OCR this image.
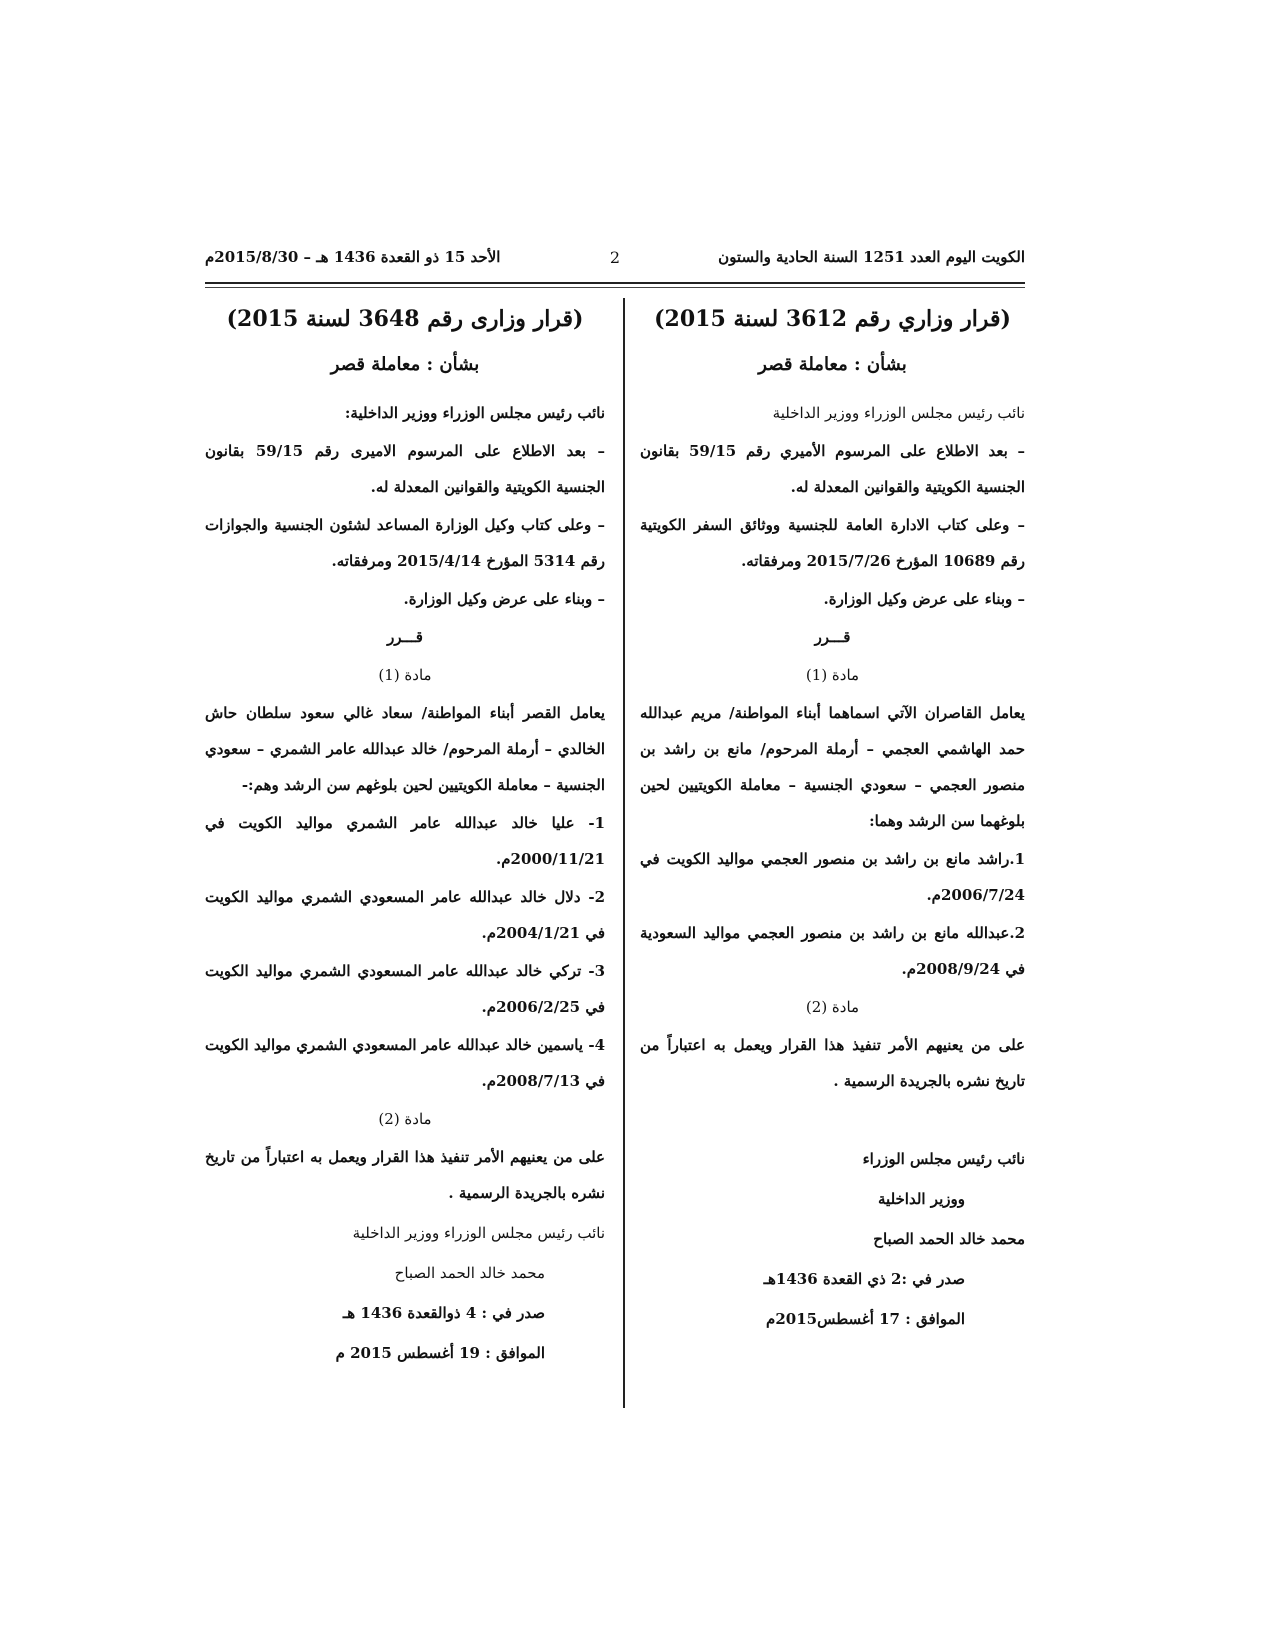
الكويت اليوم العدد 1251 السنة الحادية والستون
2
الأحد 15 ذو القعدة 1436 هـ – 2015/8/30م
(قرار وزاري رقم 3612 لسنة 2015)
بشأن : معاملة قصر

نائب رئيس مجلس الوزراء ووزير الداخلية

– بعد الاطلاع على المرسوم الأميري رقم 59/15 بقانون الجنسية الكويتية والقوانين المعدلة له.

– وعلى كتاب الادارة العامة للجنسية ووثائق السفر الكويتية رقم 10689 المؤرخ 2015/7/26 ومرفقاته.

– وبناء على عرض وكيل الوزارة.

قـــرر

مادة (1)

يعامل القاصران الآتي اسماهما أبناء المواطنة/ مريم عبدالله حمد الهاشمي العجمي – أرملة المرحوم/ مانع بن راشد بن منصور العجمي – سعودي الجنسية – معاملة الكويتيين لحين بلوغهما سن الرشد وهما:

1.راشد مانع بن راشد بن منصور العجمي مواليد الكويت في 2006/7/24م.

2.عبدالله مانع بن راشد بن منصور العجمي مواليد السعودية في 2008/9/24م.

مادة (2)

على من يعنيهم الأمر تنفيذ هذا القرار ويعمل به اعتباراً من تاريخ نشره بالجريدة الرسمية .

نائب رئيس مجلس الوزراء
ووزير الداخلية
محمد خالد الحمد الصباح
صدر في :2 ذي القعدة 1436هـ
الموافق : 17 أغسطس2015م
(قرار وزارى رقم 3648 لسنة 2015)
بشأن : معاملة قصر

نائب رئيس مجلس الوزراء ووزير الداخلية:

– بعد الاطلاع على المرسوم الاميرى رقم 59/15 بقانون الجنسية الكويتية والقوانين المعدلة له.

– وعلى كتاب وكيل الوزارة المساعد لشئون الجنسية والجوازات رقم 5314 المؤرخ 2015/4/14 ومرفقاته.

– وبناء على عرض وكيل الوزارة.

قـــرر

مادة (1)

يعامل القصر أبناء المواطنة/ سعاد غالي سعود سلطان حاش الخالدي – أرملة المرحوم/ خالد عبدالله عامر الشمري – سعودي الجنسية – معاملة الكويتيين لحين بلوغهم سن الرشد وهم:-

1- عليا خالد عبدالله عامر الشمري مواليد الكويت في 2000/11/21م.

2- دلال خالد عبدالله عامر المسعودي الشمري مواليد الكويت في 2004/1/21م.

3- تركي خالد عبدالله عامر المسعودي الشمري مواليد الكويت في 2006/2/25م.

4- ياسمين خالد عبدالله عامر المسعودي الشمري مواليد الكويت في 2008/7/13م.

مادة (2)

على من يعنيهم الأمر تنفيذ هذا القرار ويعمل به اعتباراً من تاريخ نشره بالجريدة الرسمية .

نائب رئيس مجلس الوزراء ووزير الداخلية
محمد خالد الحمد الصباح
صدر في : 4 ذوالقعدة 1436 هـ
الموافق : 19 أغسطس 2015 م
